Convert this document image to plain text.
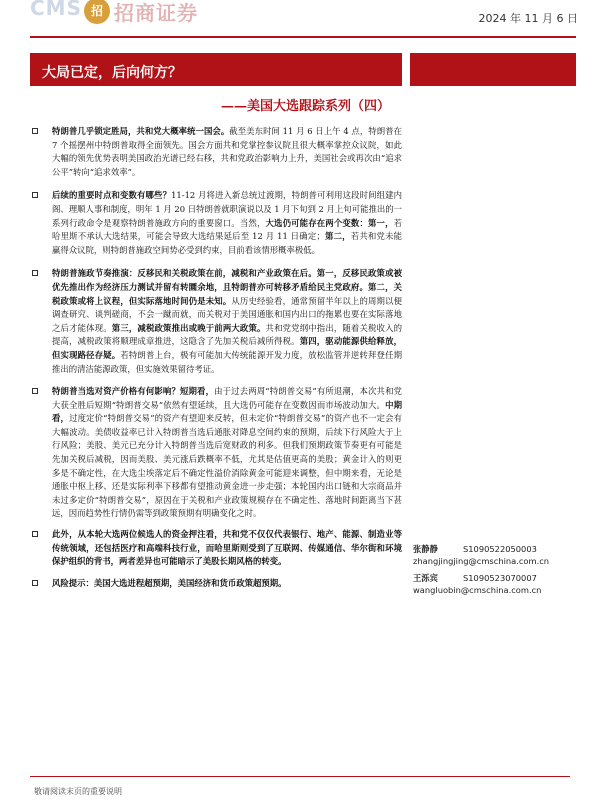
CMS 招 招商证券	2024 年 11 月 6 日
大局已定，后向何方？
——美国大选跟踪系列（四）
特朗普几乎锁定胜局，共和党大概率统一国会。截至美东时间 11 月 6 日上午 4 点，特朗普在 7 个摇摆州中特朗普取得全面领先。国会方面共和党掌控参议院且很大概率掌控众议院，如此大幅的领先优势表明美国政治光谱已经右移，共和党政治影响力上升，美国社会或再次由“追求公平”转向“追求效率”。
后续的重要时点和变数有哪些？11-12 月将进入新总统过渡期，特朗普可利用这段时间组建内阁、理顺人事和制度，明年 1 月 20 日特朗普就职演说以及 1 月下旬到 2 月上旬可能推出的一系列行政命令是观察特朗普施政方向的重要窗口。当然，大选仍可能存在两个变数：第一，若哈里斯不承认大选结果，可能会导致大选结果延后至 12 月 11 日确定；第二，若共和党未能赢得众议院，则特朗普施政空间势必受到约束，目前看该情形概率极低。
特朗普施政节奏推演：反移民和关税政策在前，减税和产业政策在后。第一，反移民政策或被优先推出作为经济压力测试并留有转圜余地，且特朗普亦可转移矛盾给民主党政府。第二，关税政策或将上议程，但实际落地时间仍是未知。从历史经验看，通常预留半年以上的周期以便调查研究、谈判磋商，不会一蹴而就，而关税对于美国通胀和国内出口的拖累也要在实际落地之后才能体现。第三，减税政策推出或晚于前两大政策。共和党党纲中指出，随着关税收入的提高，减税政策将顺理成章推进，这隐含了先加关税后减所得税。第四，驱动能源供给释放，但实现路径存疑。若特朗普上台，极有可能加大传统能源开发力度，放松监管并逆转拜登任期推出的清洁能源政策，但实施效果留待考证。
特朗普当选对资产价格有何影响？短期看，由于过去两周“特朗普交易”有所退潮，本次共和党大获全胜后短期“特朗普交易”依然有望延续，且大选仍可能存在变数因而市场波动加大。中期看，过度定价“特朗普交易”的资产有望迎来反转，但未定价“特朗普交易”的资产也不一定会有大幅波动。美债收益率已计入特朗普当选后通胀对降息空间约束的预期，后续下行风险大于上行风险；美股、美元已充分计入特朗普当选后宽财政的利多。但我们预期政策节奏更有可能是先加关税后减税，因而美股、美元涨后跌概率不低，尤其是估值更高的美股；黄金计入的则更多是不确定性，在大选尘埃落定后不确定性溢价消除黄金可能迎来调整，但中期来看，无论是通胀中枢上移、还是实际利率下移都有望推动黄金进一步走强；本轮国内出口链和大宗商品并未过多定价“特朗普交易”，原因在于关税和产业政策规模存在不确定性、落地时间距离当下甚远，因而趋势性行情仍需等到政策预期有明确变化之时。
此外，从本轮大选两位候选人的资金押注看，共和党不仅仅代表银行、地产、能源、制造业等传统领域，还包括医疗和高端科技行业，而哈里斯则受到了互联网、传媒通信、华尔街和环境保护组织的背书，两者差异也可能暗示了美股长期风格的转变。
风险提示：美国大选进程超预期，美国经济和货币政策超预期。
张静静	S1090522050003
zhangjingjing@cmschina.com.cn
王泺宾	S1090523070007
wangluobin@cmschina.com.cn
敬请阅读末页的重要说明
